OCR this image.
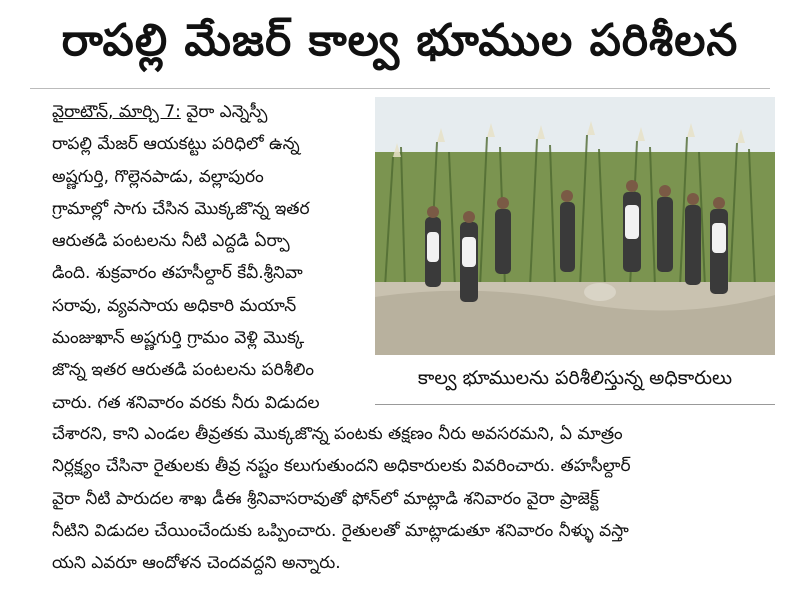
రాపల్లి మేజర్ కాల్వ భూముల పరిశీలన
వైరాటౌన్, మార్చి 7: వైరా ఎన్నెస్పీ
రాపల్లి మేజర్ ఆయకట్టు పరిధిలో ఉన్న
అష్ణగుర్తి, గొల్లెనపాడు, వల్లాపురం
గ్రామాల్లో సాగు చేసిన మొక్కజొన్న ఇతర
ఆరుతడి పంటలను నీటి ఎద్దడి ఏర్పా
డింది. శుక్రవారం తహసీల్దార్ కేవీ.శ్రీనివా
సరావు, వ్యవసాయ అధికారి మయాన్
మంజుఖాన్ అష్ణగుర్తి గ్రామం వెళ్లి మొక్క
జొన్న ఇతర ఆరుతడి పంటలను పరిశీలిం
చారు. గత శనివారం వరకు నీరు విడుదల
కాల్వ భూములను పరిశీలిస్తున్న అధికారులు
చేశారని, కాని ఎండల తీవ్రతకు మొక్కజొన్న పంటకు తక్షణం నీరు అవసరమని, ఏ మాత్రం
నిర్లక్ష్యం చేసినా రైతులకు తీవ్ర నష్టం కలుగుతుందని అధికారులకు వివరించారు. తహసీల్దార్
వైరా నీటి పారుదల శాఖ డీఈ శ్రీనివాసరావుతో ఫోన్‌లో మాట్లాడి శనివారం వైరా ప్రాజెక్ట్
నీటిని విడుదల చేయించేందుకు ఒప్పించారు. రైతులతో మాట్లాడుతూ శనివారం నీళ్ళు వస్తా
యని ఎవరూ ఆందోళన చెందవద్దని అన్నారు.
